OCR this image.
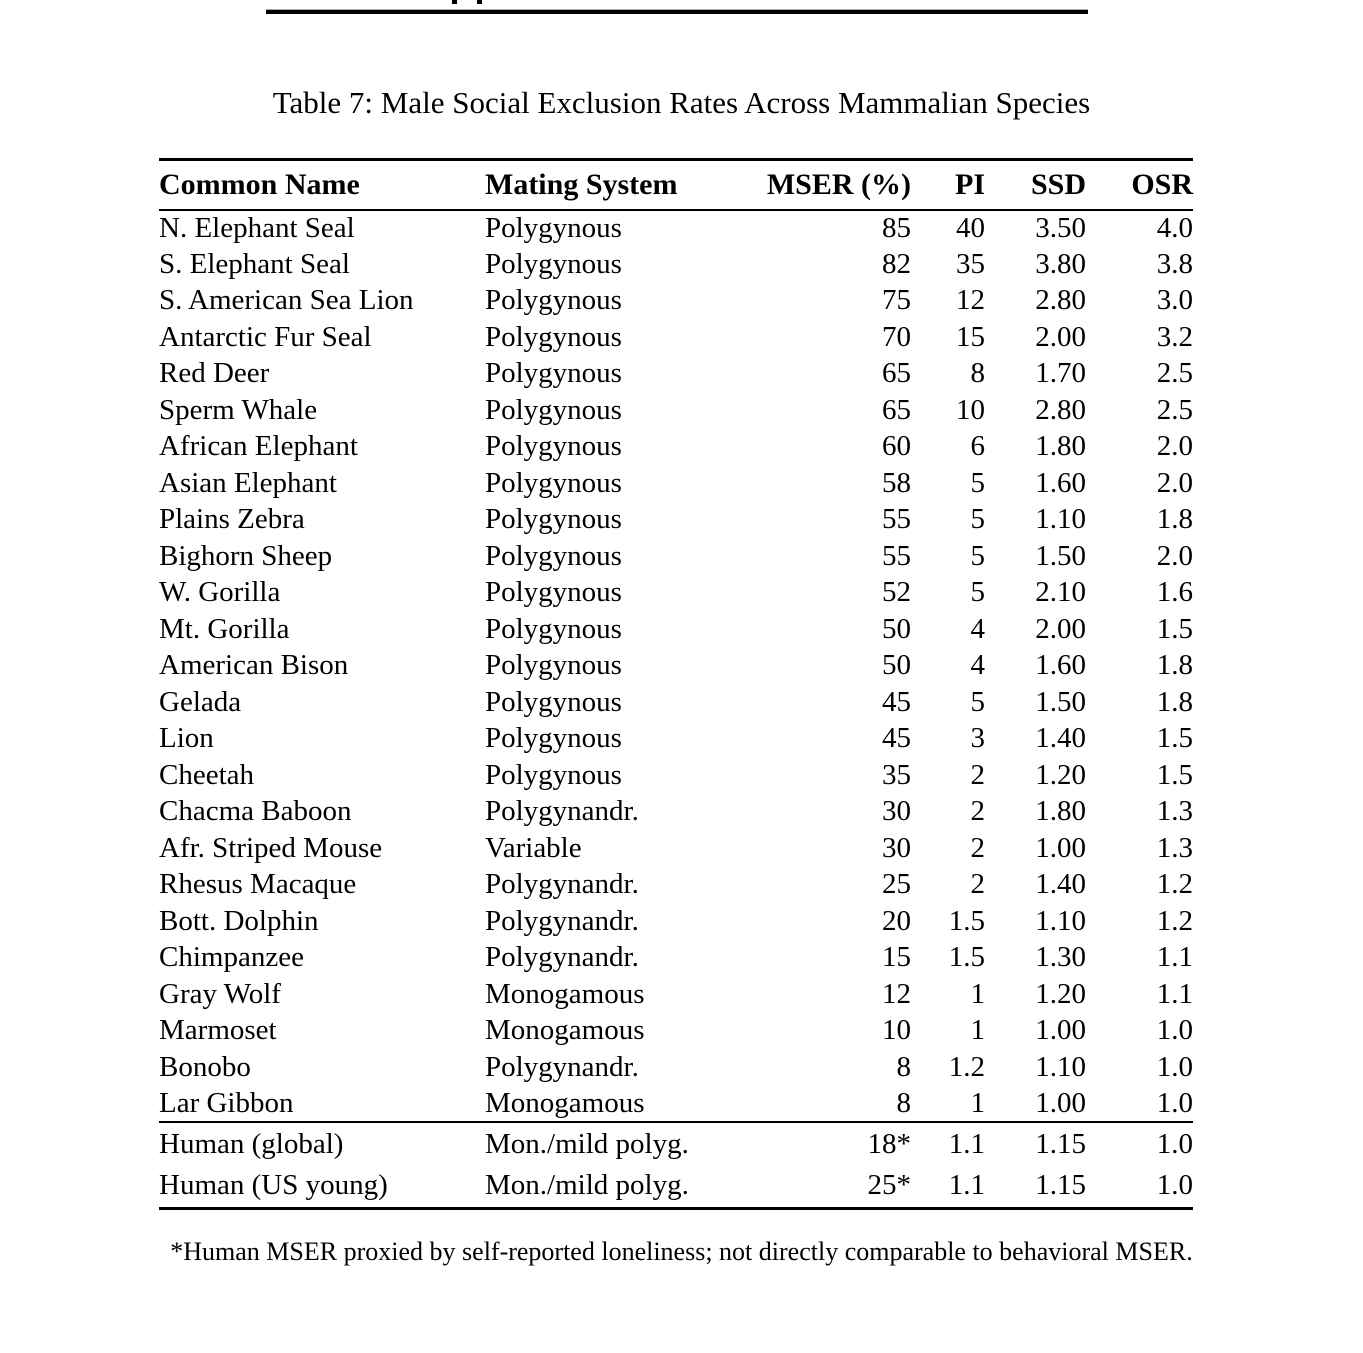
Table 7: Male Social Exclusion Rates Across Mammalian Species
Common Name	Mating System	MSER (%)	PI	SSD	OSR
N. Elephant Seal	Polygynous	85	40	3.50	4.0
S. Elephant Seal	Polygynous	82	35	3.80	3.8
S. American Sea Lion	Polygynous	75	12	2.80	3.0
Antarctic Fur Seal	Polygynous	70	15	2.00	3.2
Red Deer	Polygynous	65	8	1.70	2.5
Sperm Whale	Polygynous	65	10	2.80	2.5
African Elephant	Polygynous	60	6	1.80	2.0
Asian Elephant	Polygynous	58	5	1.60	2.0
Plains Zebra	Polygynous	55	5	1.10	1.8
Bighorn Sheep	Polygynous	55	5	1.50	2.0
W. Gorilla	Polygynous	52	5	2.10	1.6
Mt. Gorilla	Polygynous	50	4	2.00	1.5
American Bison	Polygynous	50	4	1.60	1.8
Gelada	Polygynous	45	5	1.50	1.8
Lion	Polygynous	45	3	1.40	1.5
Cheetah	Polygynous	35	2	1.20	1.5
Chacma Baboon	Polygynandr.	30	2	1.80	1.3
Afr. Striped Mouse	Variable	30	2	1.00	1.3
Rhesus Macaque	Polygynandr.	25	2	1.40	1.2
Bott. Dolphin	Polygynandr.	20	1.5	1.10	1.2
Chimpanzee	Polygynandr.	15	1.5	1.30	1.1
Gray Wolf	Monogamous	12	1	1.20	1.1
Marmoset	Monogamous	10	1	1.00	1.0
Bonobo	Polygynandr.	8	1.2	1.10	1.0
Lar Gibbon	Monogamous	8	1	1.00	1.0
Human (global)	Mon./mild polyg.	18*	1.1	1.15	1.0
Human (US young)	Mon./mild polyg.	25*	1.1	1.15	1.0
*Human MSER proxied by self-reported loneliness; not directly comparable to behavioral MSER.
